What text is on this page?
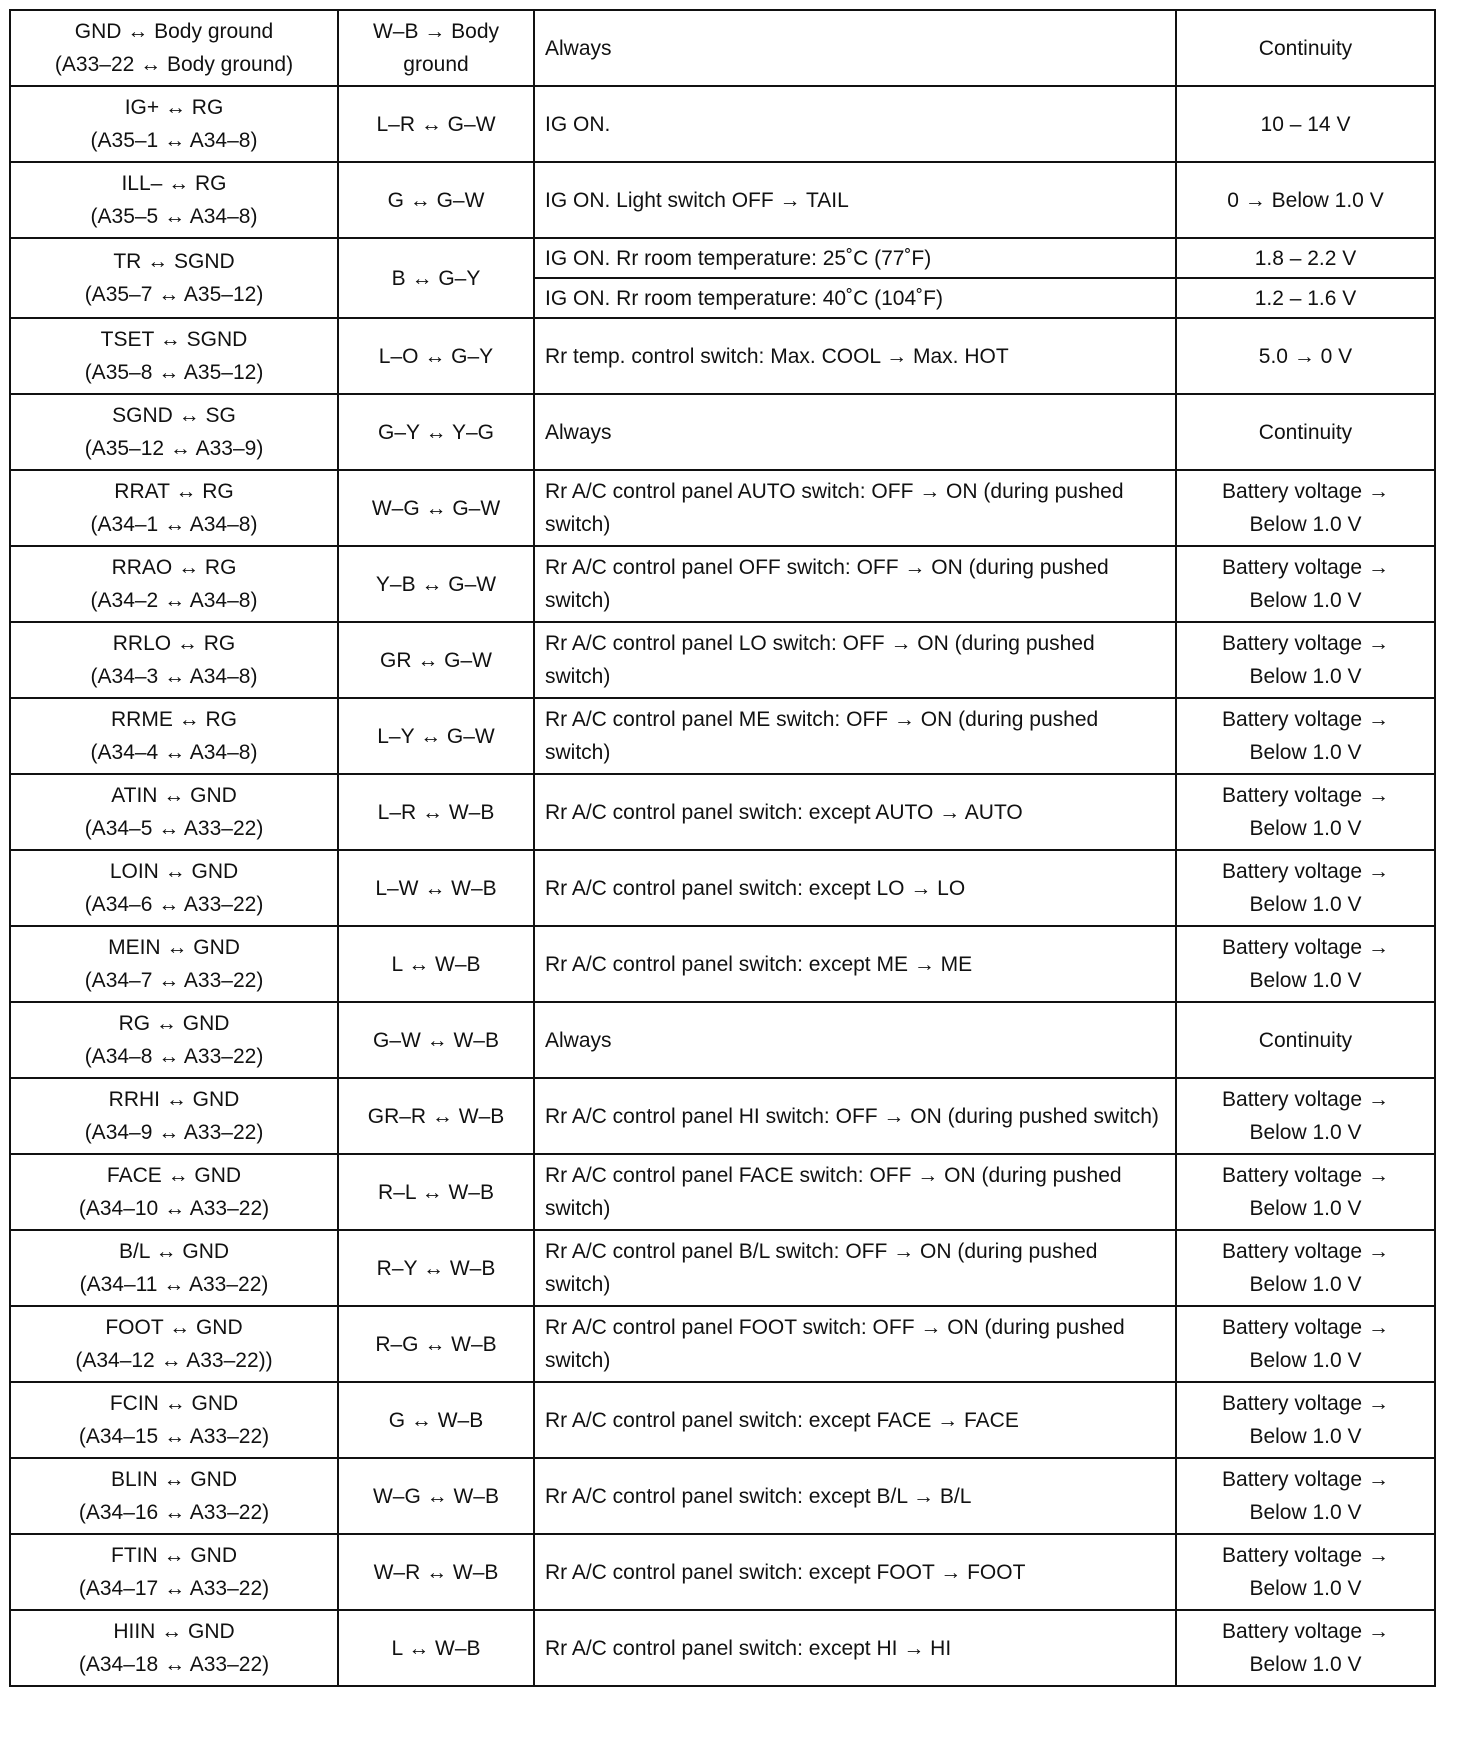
GND ↔ Body ground
(A33–22 ↔ Body ground)	W–B → Body
ground	Always	Continuity

IG+ ↔ RG
(A35–1 ↔ A34–8)	L–R ↔ G–W	IG ON.	10 – 14 V

ILL– ↔ RG
(A35–5 ↔ A34–8)	G ↔ G–W	IG ON. Light switch OFF → TAIL	0 → Below 1.0 V

TR ↔ SGND
(A35–7 ↔ A35–12)	B ↔ G–Y	IG ON. Rr room temperature: 25˚C (77˚F)	1.8 – 2.2 V

		IG ON. Rr room temperature: 40˚C (104˚F)	1.2 – 1.6 V

TSET ↔ SGND
(A35–8 ↔ A35–12)	L–O ↔ G–Y	Rr temp. control switch: Max. COOL → Max. HOT	5.0 → 0 V

SGND ↔ SG
(A35–12 ↔ A33–9)	G–Y ↔ Y–G	Always	Continuity

RRAT ↔ RG
(A34–1 ↔ A34–8)	W–G ↔ G–W	Rr A/C control panel AUTO switch: OFF → ON (during pushed switch)	Battery voltage →
Below 1.0 V

RRAO ↔ RG
(A34–2 ↔ A34–8)	Y–B ↔ G–W	Rr A/C control panel OFF switch: OFF → ON (during pushed switch)	Battery voltage →
Below 1.0 V

RRLO ↔ RG
(A34–3 ↔ A34–8)	GR ↔ G–W	Rr A/C control panel LO switch: OFF → ON (during pushed switch)	Battery voltage →
Below 1.0 V

RRME ↔ RG
(A34–4 ↔ A34–8)	L–Y ↔ G–W	Rr A/C control panel ME switch: OFF → ON (during pushed switch)	Battery voltage →
Below 1.0 V

ATIN ↔ GND
(A34–5 ↔ A33–22)	L–R ↔ W–B	Rr A/C control panel switch: except AUTO → AUTO	Battery voltage →
Below 1.0 V

LOIN ↔ GND
(A34–6 ↔ A33–22)	L–W ↔ W–B	Rr A/C control panel switch: except LO → LO	Battery voltage →
Below 1.0 V

MEIN ↔ GND
(A34–7 ↔ A33–22)	L ↔ W–B	Rr A/C control panel switch: except ME → ME	Battery voltage →
Below 1.0 V

RG ↔ GND
(A34–8 ↔ A33–22)	G–W ↔ W–B	Always	Continuity

RRHI ↔ GND
(A34–9 ↔ A33–22)	GR–R ↔ W–B	Rr A/C control panel HI switch: OFF → ON (during pushed switch)	Battery voltage →
Below 1.0 V

FACE ↔ GND
(A34–10 ↔ A33–22)	R–L ↔ W–B	Rr A/C control panel FACE switch: OFF → ON (during pushed switch)	Battery voltage →
Below 1.0 V

B/L ↔ GND
(A34–11 ↔ A33–22)	R–Y ↔ W–B	Rr A/C control panel B/L switch: OFF → ON (during pushed switch)	Battery voltage →
Below 1.0 V

FOOT ↔ GND
(A34–12 ↔ A33–22))	R–G ↔ W–B	Rr A/C control panel FOOT switch: OFF → ON (during pushed switch)	Battery voltage →
Below 1.0 V

FCIN ↔ GND
(A34–15 ↔ A33–22)	G ↔ W–B	Rr A/C control panel switch: except FACE → FACE	Battery voltage →
Below 1.0 V

BLIN ↔ GND
(A34–16 ↔ A33–22)	W–G ↔ W–B	Rr A/C control panel switch: except B/L → B/L	Battery voltage →
Below 1.0 V

FTIN ↔ GND
(A34–17 ↔ A33–22)	W–R ↔ W–B	Rr A/C control panel switch: except FOOT → FOOT	Battery voltage →
Below 1.0 V

HIIN ↔ GND
(A34–18 ↔ A33–22)	L ↔ W–B	Rr A/C control panel switch: except HI → HI	Battery voltage →
Below 1.0 V
